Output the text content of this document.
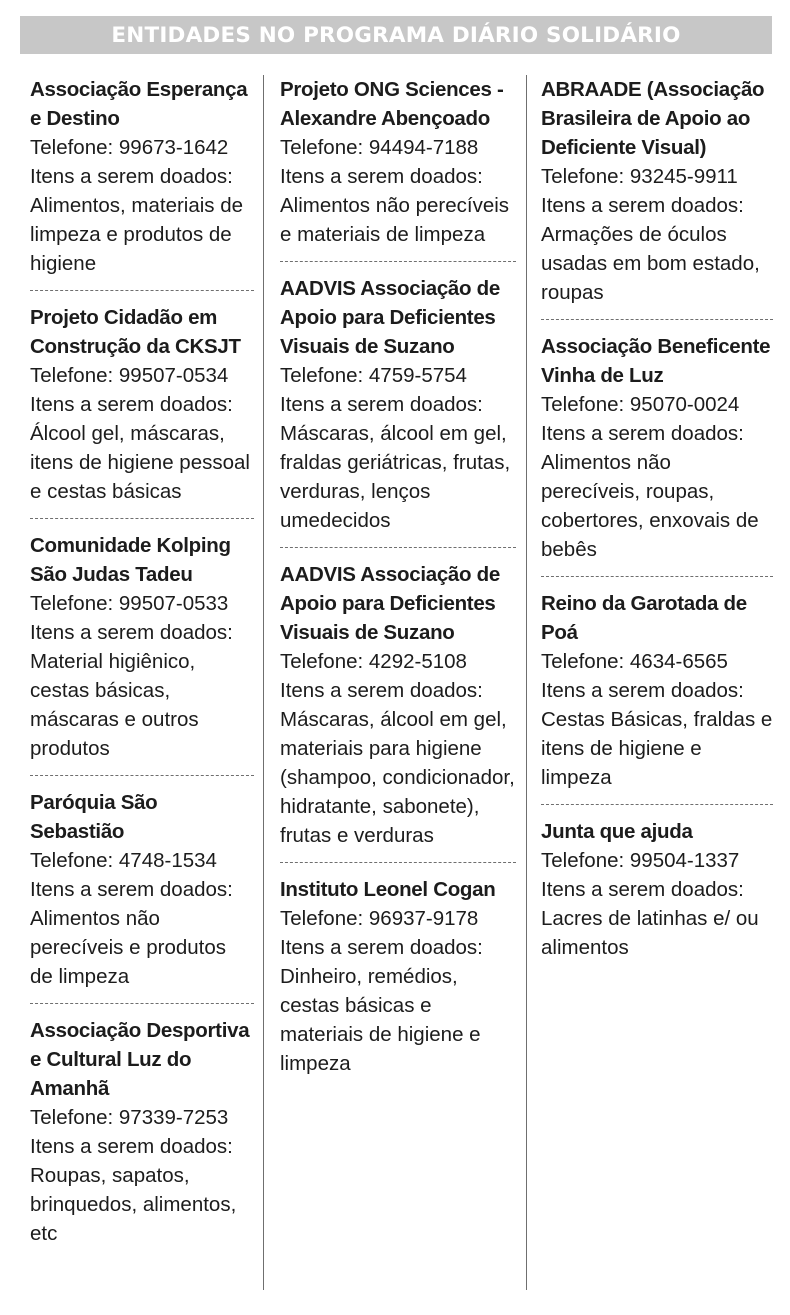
ENTIDADES NO PROGRAMA DIÁRIO SOLIDÁRIO
Associação Esperança e Destino
Telefone: 99673-1642
Itens a serem doados:
Alimentos, materiais de limpeza e produtos de higiene
Projeto Cidadão em Construção da CKSJT
Telefone: 99507-0534
Itens a serem doados:
Álcool gel, máscaras, itens de higiene pessoal e cestas básicas
Comunidade Kolping São Judas Tadeu
Telefone: 99507-0533
Itens a serem doados:
Material higiênico, cestas básicas, máscaras e outros produtos
Paróquia São Sebastião
Telefone: 4748-1534
Itens a serem doados:
Alimentos não perecíveis e produtos de limpeza
Associação Desportiva e Cultural Luz do Amanhã
Telefone: 97339-7253
Itens a serem doados:
Roupas, sapatos, brinquedos, alimentos, etc
Projeto ONG Sciences - Alexandre Abençoado
Telefone: 94494-7188
Itens a serem doados:
Alimentos não perecíveis e materiais de limpeza
AADVIS Associação de Apoio para Deficientes Visuais de Suzano
Telefone: 4759-5754
Itens a serem doados:
Máscaras, álcool em gel, fraldas geriátricas, frutas, verduras, lenços umedecidos
AADVIS Associação de Apoio para Deficientes Visuais de Suzano
Telefone: 4292-5108
Itens a serem doados:
Máscaras, álcool em gel, materiais para higiene (shampoo, condicionador, hidratante, sabonete), frutas e verduras
Instituto Leonel Cogan
Telefone: 96937-9178
Itens a serem doados:
Dinheiro, remédios, cestas básicas e materiais de higiene e limpeza
ABRAADE (Associação Brasileira de Apoio ao Deficiente Visual)
Telefone: 93245-9911
Itens a serem doados:
Armações de óculos usadas em bom estado, roupas
Associação Beneficente Vinha de Luz
Telefone: 95070-0024
Itens a serem doados:
Alimentos não perecíveis, roupas, cobertores, enxovais de bebês
Reino da Garotada de Poá
Telefone: 4634-6565
Itens a serem doados:
Cestas Básicas, fraldas e itens de higiene e limpeza
Junta que ajuda
Telefone: 99504-1337
Itens a serem doados:
Lacres de latinhas e/ ou alimentos
